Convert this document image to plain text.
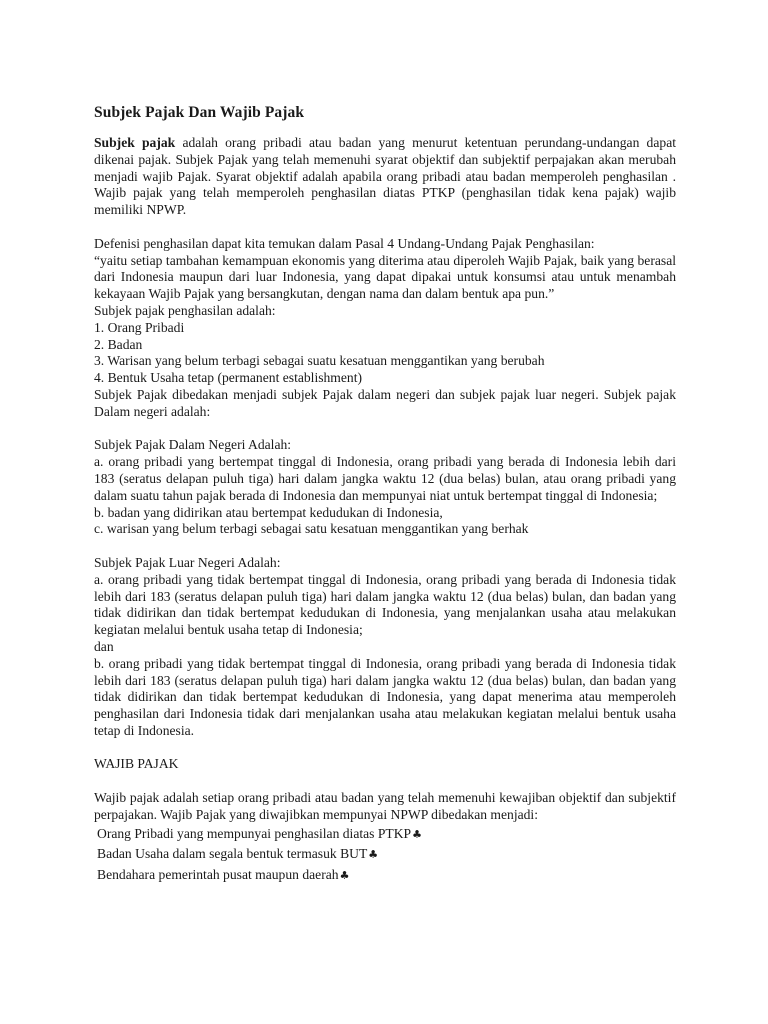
Subjek Pajak Dan Wajib Pajak

Subjek pajak adalah orang pribadi atau badan yang menurut ketentuan perundang-undangan dapat dikenai pajak. Subjek Pajak yang telah memenuhi syarat objektif dan subjektif perpajakan akan merubah menjadi wajib Pajak. Syarat objektif adalah apabila orang pribadi atau badan memperoleh penghasilan . Wajib pajak yang telah memperoleh penghasilan diatas PTKP (penghasilan tidak kena pajak) wajib memiliki NPWP.

Defenisi penghasilan dapat kita temukan dalam Pasal 4 Undang-Undang Pajak Penghasilan:

“yaitu setiap tambahan kemampuan ekonomis yang diterima atau diperoleh Wajib Pajak, baik yang berasal dari Indonesia maupun dari luar Indonesia, yang dapat dipakai untuk konsumsi atau untuk menambah kekayaan Wajib Pajak yang bersangkutan, dengan nama dan dalam bentuk apa pun.”

Subjek pajak penghasilan adalah:

1. Orang Pribadi

2. Badan

3. Warisan yang belum terbagi sebagai suatu kesatuan menggantikan yang berubah

4. Bentuk Usaha tetap (permanent establishment)

Subjek Pajak dibedakan menjadi subjek Pajak dalam negeri dan subjek pajak luar negeri. Subjek pajak Dalam negeri adalah:

Subjek Pajak Dalam Negeri Adalah:

a. orang pribadi yang bertempat tinggal di Indonesia, orang pribadi yang berada di Indonesia lebih dari 183 (seratus delapan puluh tiga) hari dalam jangka waktu 12 (dua belas) bulan, atau orang pribadi yang dalam suatu tahun pajak berada di Indonesia dan mempunyai niat untuk bertempat tinggal di Indonesia;

b. badan yang didirikan atau bertempat kedudukan di Indonesia,

c. warisan yang belum terbagi sebagai satu kesatuan menggantikan yang berhak

Subjek Pajak Luar Negeri Adalah:

a. orang pribadi yang tidak bertempat tinggal di Indonesia, orang pribadi yang berada di Indonesia tidak lebih dari 183 (seratus delapan puluh tiga) hari dalam jangka waktu 12 (dua belas) bulan, dan badan yang tidak didirikan dan tidak bertempat kedudukan di Indonesia, yang menjalankan usaha atau melakukan kegiatan melalui bentuk usaha tetap di Indonesia;

dan

b. orang pribadi yang tidak bertempat tinggal di Indonesia, orang pribadi yang berada di Indonesia tidak lebih dari 183 (seratus delapan puluh tiga) hari dalam jangka waktu 12 (dua belas) bulan, dan badan yang tidak didirikan dan tidak bertempat kedudukan di Indonesia, yang dapat menerima atau memperoleh penghasilan dari Indonesia tidak dari menjalankan usaha atau melakukan kegiatan melalui bentuk usaha tetap di Indonesia.

WAJIB PAJAK

Wajib pajak adalah setiap orang pribadi atau badan yang telah memenuhi kewajiban objektif dan subjektif perpajakan. Wajib Pajak yang diwajibkan mempunyai NPWP dibedakan menjadi:

Orang Pribadi yang mempunyai penghasilan diatas PTKP♣

Badan Usaha dalam segala bentuk termasuk BUT♣

Bendahara pemerintah pusat maupun daerah♣
